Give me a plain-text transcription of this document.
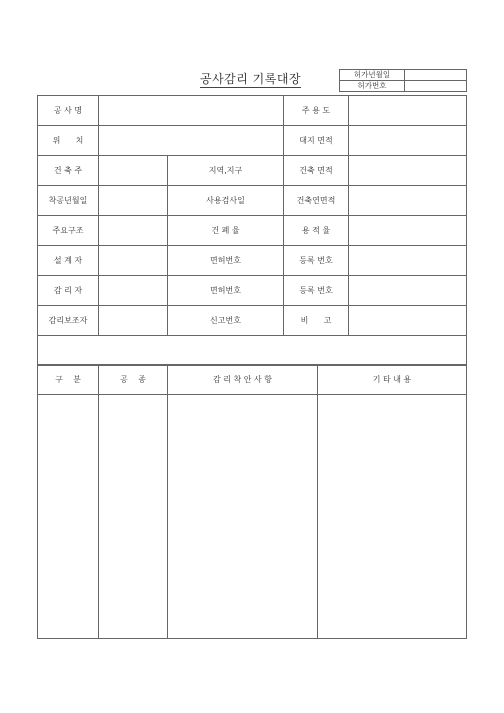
공사감리 기록대장	허가년월일	
허가번호	
공 사 명			주 용 도	
위      치			대지 면적	
건 축 주		지역,지구	건축 면적	
착공년월일		사용검사일	건축연면적	
주요구조		건 폐 율	용 적 율	
설 계 자		면허번호	등록 번호	
감 리 자		면허번호	등록 번호	
감리보조자		신고번호	비      고	

구    분	공    종	감 리 착 안 사 항	기 타 내 용
